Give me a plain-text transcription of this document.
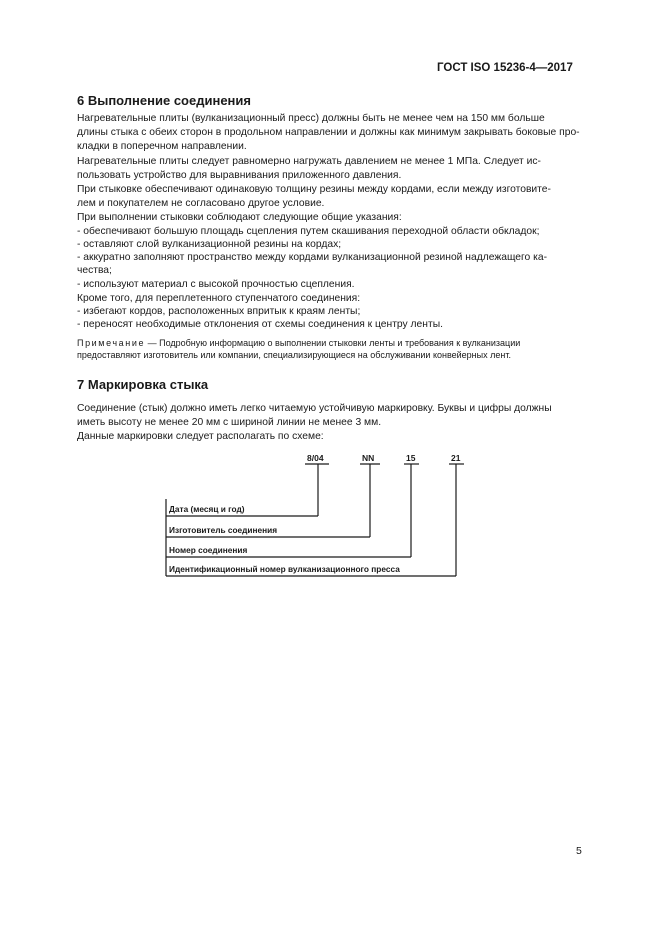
ГОСТ ISO 15236-4—2017
6 Выполнение соединения
Нагревательные плиты (вулканизационный пресс) должны быть не менее чем на 150 мм больше
длины стыка с обеих сторон в продольном направлении и должны как минимум закрывать боковые про-
кладки в поперечном направлении.
Нагревательные плиты следует равномерно нагружать давлением не менее 1 МПа. Следует ис-
пользовать устройство для выравнивания приложенного давления.
При стыковке обеспечивают одинаковую толщину резины между кордами, если между изготовите-
лем и покупателем не согласовано другое условие.
При выполнении стыковки соблюдают следующие общие указания:
- обеспечивают большую площадь сцепления путем скашивания переходной области обкладок;
- оставляют слой вулканизационной резины на кордах;
- аккуратно заполняют пространство между кордами вулканизационной резиной надлежащего ка-
чества;
- используют материал с высокой прочностью сцепления.
Кроме того, для переплетенного ступенчатого соединения:
- избегают кордов, расположенных впритык к краям ленты;
- переносят необходимые отклонения от схемы соединения к центру ленты.
Примечание — Подробную информацию о выполнении стыковки ленты и требования к вулканизации
предоставляют изготовитель или компании, специализирующиеся на обслуживании конвейерных лент.
7 Маркировка стыка
Соединение (стык) должно иметь легко читаемую устойчивую маркировку. Буквы и цифры должны
иметь высоту не менее 20 мм с шириной линии не менее 3 мм.
Данные маркировки следует располагать по схеме:
8/04	NN	15	21
Дата (месяц и год)
Изготовитель соединения
Номер соединения
Идентификационный номер вулканизационного пресса
5
